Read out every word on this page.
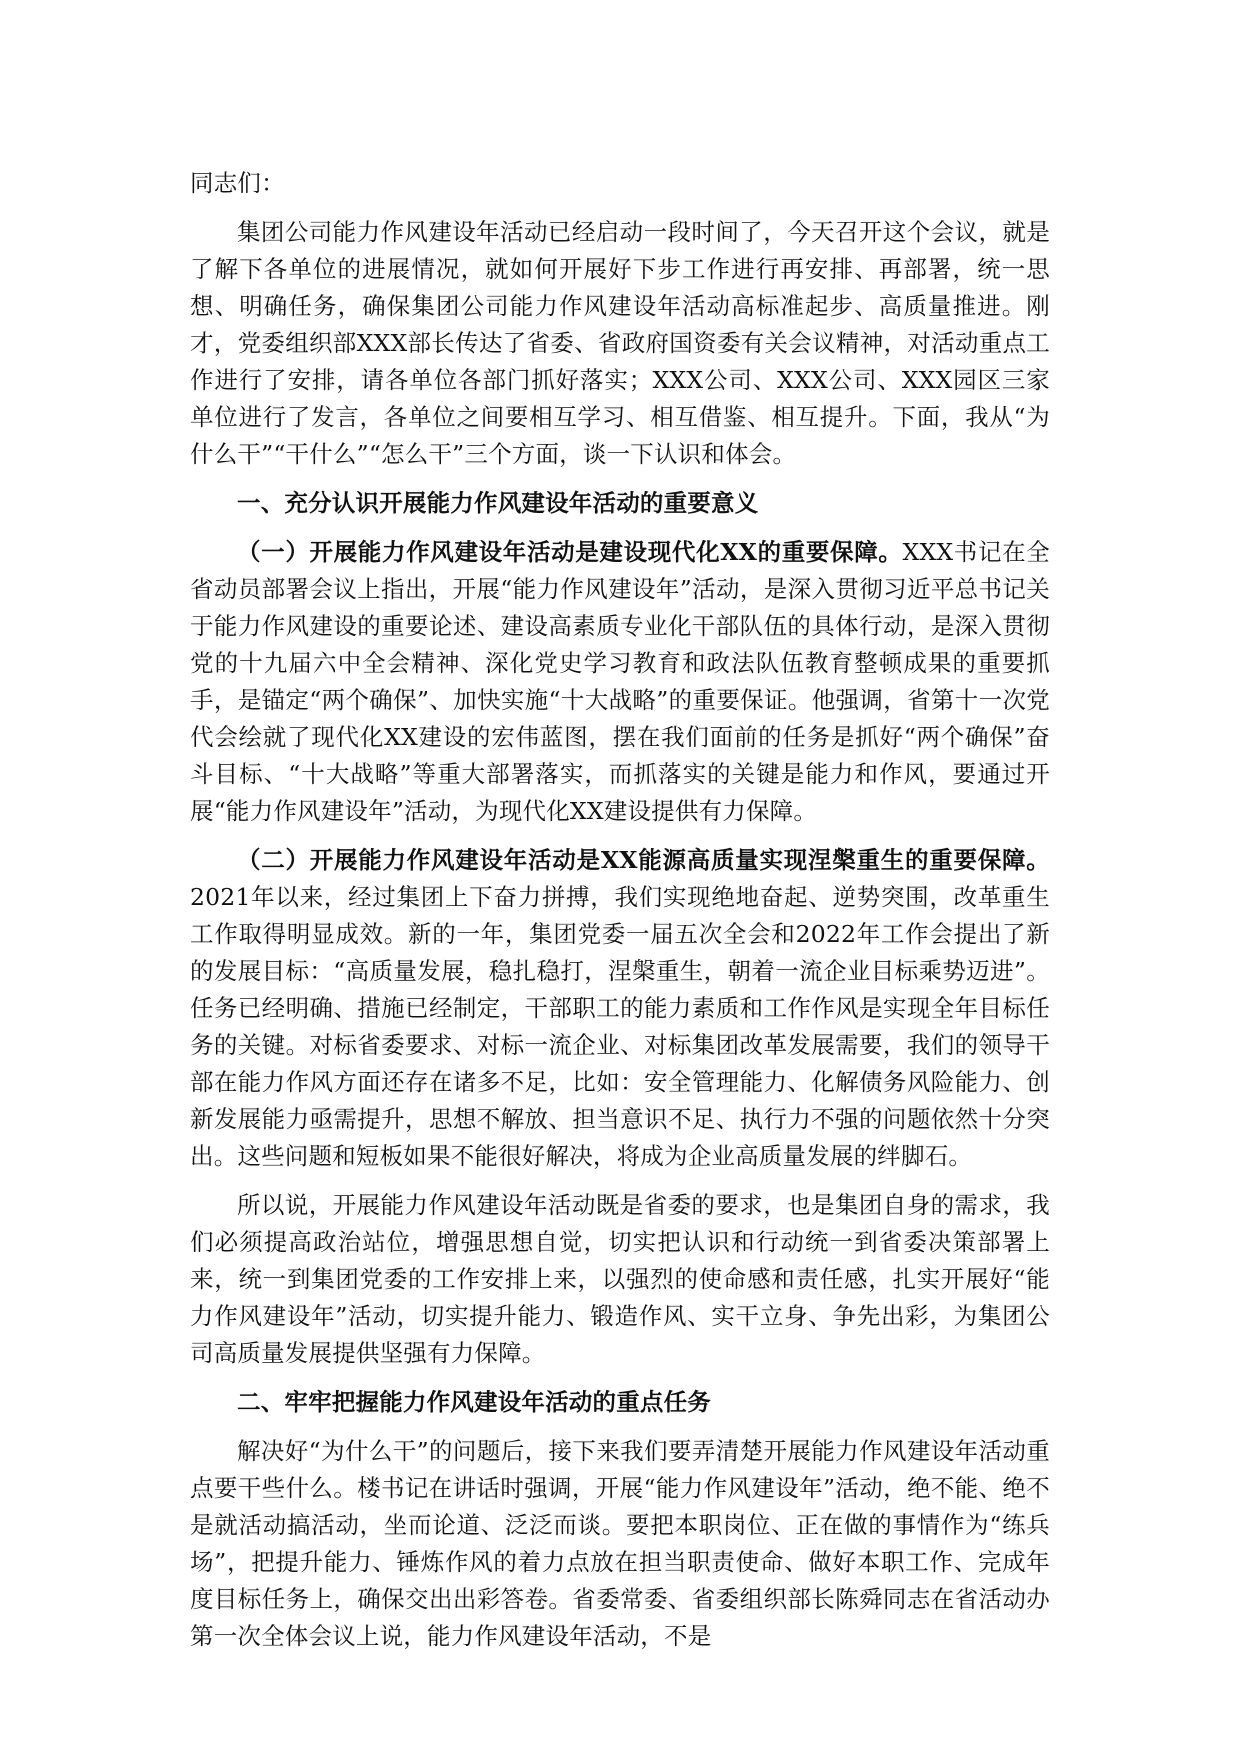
同志们：

集团公司能力作风建设年活动已经启动一段时间了，今天召开这个会议，就是了解下各单位的进展情况，就如何开展好下步工作进行再安排、再部署，统一思想、明确任务，确保集团公司能力作风建设年活动高标准起步、高质量推进。刚才，党委组织部XXX部长传达了省委、省政府国资委有关会议精神，对活动重点工作进行了安排，请各单位各部门抓好落实；XXX公司、XXX公司、XXX园区三家单位进行了发言，各单位之间要相互学习、相互借鉴、相互提升。下面，我从“为什么干”“干什么”“怎么干”三个方面，谈一下认识和体会。

一、充分认识开展能力作风建设年活动的重要意义

（一）开展能力作风建设年活动是建设现代化XX的重要保障。XXX书记在全省动员部署会议上指出，开展“能力作风建设年”活动，是深入贯彻习近平总书记关于能力作风建设的重要论述、建设高素质专业化干部队伍的具体行动，是深入贯彻党的十九届六中全会精神、深化党史学习教育和政法队伍教育整顿成果的重要抓手，是锚定“两个确保”、加快实施“十大战略”的重要保证。他强调，省第十一次党代会绘就了现代化XX建设的宏伟蓝图，摆在我们面前的任务是抓好“两个确保”奋斗目标、“十大战略”等重大部署落实，而抓落实的关键是能力和作风，要通过开展“能力作风建设年”活动，为现代化XX建设提供有力保障。

（二）开展能力作风建设年活动是XX能源高质量实现涅槃重生的重要保障。2021年以来，经过集团上下奋力拼搏，我们实现绝地奋起、逆势突围，改革重生工作取得明显成效。新的一年，集团党委一届五次全会和2022年工作会提出了新的发展目标：“高质量发展，稳扎稳打，涅槃重生，朝着一流企业目标乘势迈进”。任务已经明确、措施已经制定，干部职工的能力素质和工作作风是实现全年目标任务的关键。对标省委要求、对标一流企业、对标集团改革发展需要，我们的领导干部在能力作风方面还存在诸多不足，比如：安全管理能力、化解债务风险能力、创新发展能力亟需提升，思想不解放、担当意识不足、执行力不强的问题依然十分突出。这些问题和短板如果不能很好解决，将成为企业高质量发展的绊脚石。

所以说，开展能力作风建设年活动既是省委的要求，也是集团自身的需求，我们必须提高政治站位，增强思想自觉，切实把认识和行动统一到省委决策部署上来，统一到集团党委的工作安排上来，以强烈的使命感和责任感，扎实开展好“能力作风建设年”活动，切实提升能力、锻造作风、实干立身、争先出彩，为集团公司高质量发展提供坚强有力保障。

二、牢牢把握能力作风建设年活动的重点任务

解决好“为什么干”的问题后，接下来我们要弄清楚开展能力作风建设年活动重点要干些什么。楼书记在讲话时强调，开展“能力作风建设年”活动，绝不能、绝不是就活动搞活动，坐而论道、泛泛而谈。要把本职岗位、正在做的事情作为“练兵场”，把提升能力、锤炼作风的着力点放在担当职责使命、做好本职工作、完成年度目标任务上，确保交出出彩答卷。省委常委、省委组织部长陈舜同志在省活动办第一次全体会议上说，能力作风建设年活动，不是
